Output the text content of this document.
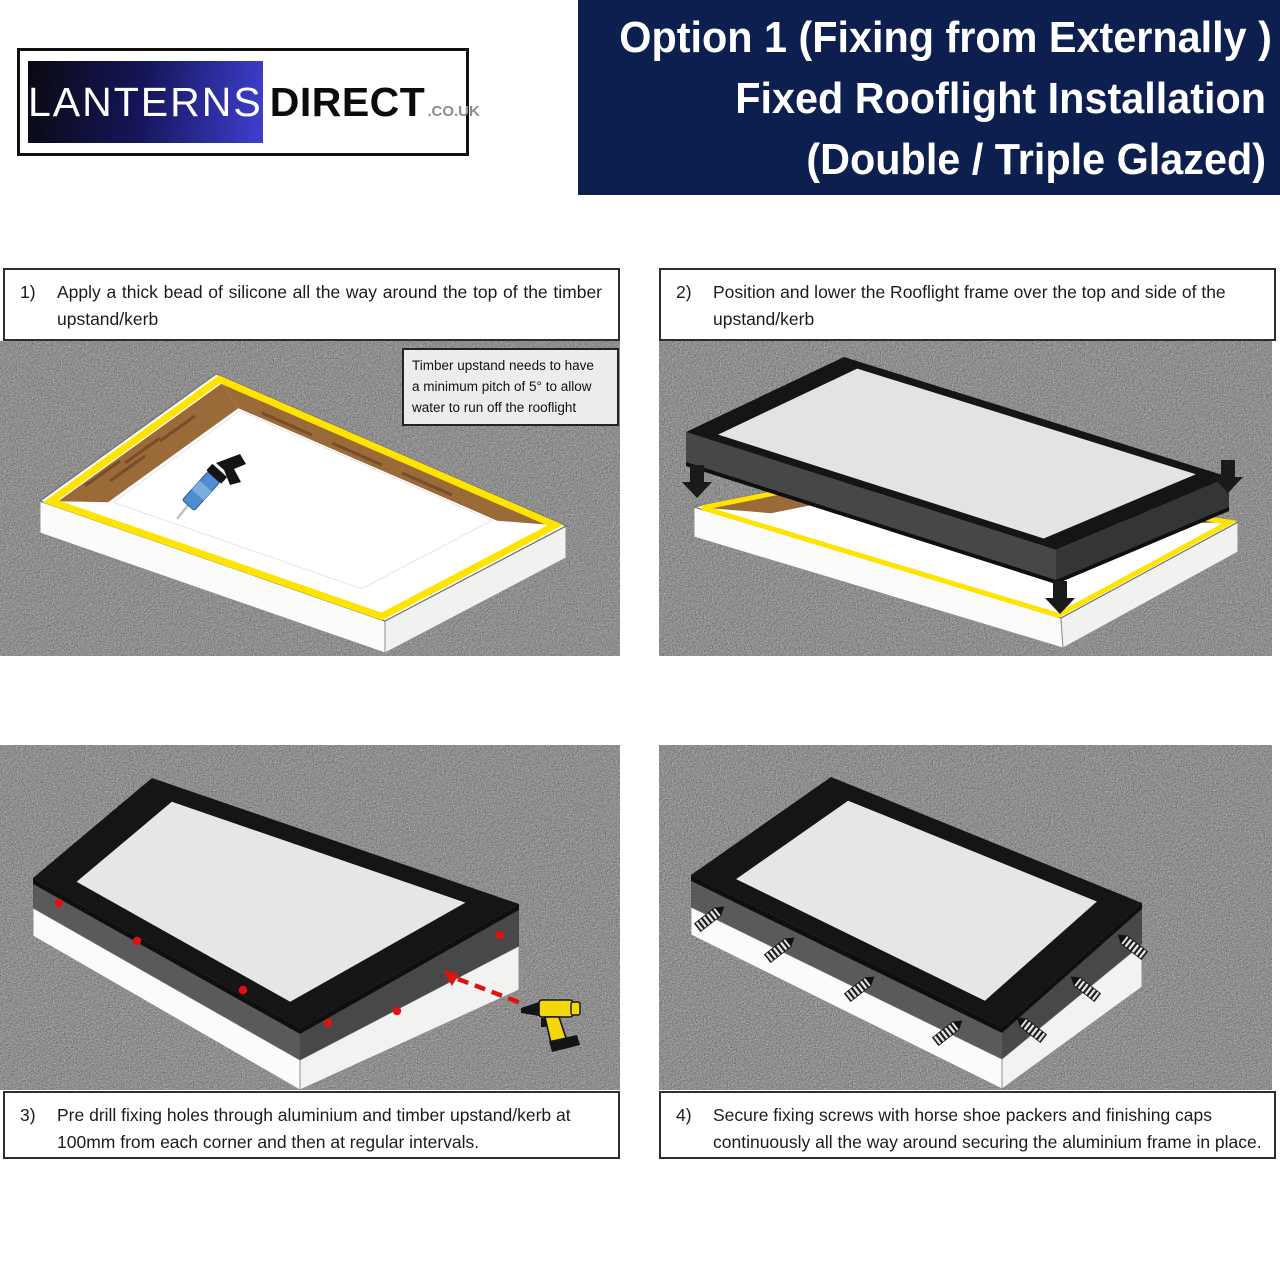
LANTERNS DIRECT .CO.UK
Option 1 (Fixing from Externally )
Fixed Rooflight Installation
(Double / Triple Glazed)
1)	Apply a thick bead of silicone all the way around the top of the timber upstand/kerb
2)	Position and lower the Rooflight frame over the top and side of the upstand/kerb
3)	Pre drill fixing holes through aluminium and timber upstand/kerb at 100mm from each corner and then at regular intervals.
4)	Secure fixing screws with horse shoe packers and finishing caps continuously all the way around securing the aluminium frame in place.
Timber upstand needs to have
a minimum pitch of 5° to allow
water to run off the rooflight
